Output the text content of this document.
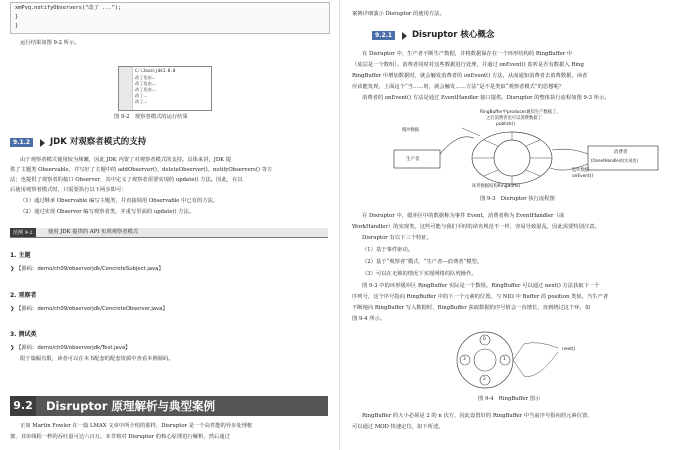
xmPvq.notifyObservers("改了 ...");
}
}
运行结果如图 9-2 所示。
C:\Java\jdk1.8.0
改了发布...
改了发布...
改了发布...
改了...
改了...
图 9-2　观察者模式的运行结果
9.1.2	JDK 对观察者模式的支持
由于观察者模式使用较为频繁，因此 JDK 内置了对观察者模式的支持。具体来讲，JDK 提
供了主题类 Observable，并写好了主题中的 addObserver()、deleteObserver()、notifyObservers() 等方
法；也提供了观察者的接口 Observer，其中定义了观察者需要实现的 update() 方法。因此，在以
后使用观察者模式时，只需要执行以下两步即可：
（1）通过继承 Observable 编写主题类，并直接调用 Observable 中已有的方法。
（2）通过实现 Observer 编写观察者类，并重写里面的 update() 方法。
范例 9-2	使用 JDK 提供的 API 实现观察者模式
1. 主题
❯ 【源码：demo/ch09/observerjdk/ConcreteSubject.java】
2. 观察者
❯ 【源码：demo/ch09/observerjdk/ConcreteObserver.java】
3. 测试类
❯ 【源码：demo/ch09/observerjdk/Test.java】
限于篇幅有限，读者可以在本书配套的配套资源中查看本例源码。
9.2 Disruptor 原理解析与典型案例
正如 Martin Fowler 在一篇 LMAX 文章中所介绍的那样，Disruptor 是一个高性能的异步处理框
架，其单线程一秒的吞吐量可达六百万。本节将对 Disruptor 的核心原理进行解析，然后通过
案例详细演示 Disruptor 的使用方法。
9.2.1	Disruptor 核心概念
在 Disruptor 中，生产者不断生产数据，并将数据保存在一个环形结构的 RingBuffer 中
（底层是一个数组）。消费者同时对这些数据进行处理，并通过 onEvent() 监听是否有数据入 Ring
RingBuffer 中增加数据时，就会触发消费者的 onEvent() 方法，从而通知消费者去消费数据。读者
应该能发现，上面这个“当……时，就会触发……方法”是不是类似“观察者模式”的思想呢？
消费者的 onEvent() 方法是通过 EventHandler 接口提供。Disruptor 的整体执行流程如图 9-3 所示。
RingBuffer中producer通知生产数据了，
之后消费者也可以消费数据了
publish()
缓冲数据
生产者
消费者
(OnevtHandler的实现类)
监听数据
onEvent()
环形数据结构RingBuffer
图 9-3　Disruptor 执行流程图
在 Disruptor 中，缓冲区中的数据称为事件 Event，消费者称为 EventHandler（或
WorkHandler）的实现类。这些可能与我们平时的命名规范不一样，容易导致混乱，因此需要特别注意。
Disruptor 有以下三个特征。
（1）基于事件驱动。
（2）基于“观察者”模式、“生产者—消费者”模型。
（3）可以在无锁的情况下实现网络的队列操作。
图 9-3 中的环形缓冲区 RingBuffer 实际是一个数组。RingBuffer 可以通过 next() 方法获取下一个
序列号，这个序号指向 RingBuffer 中的下一个元素的位置。与 NIO 中 Buffer 的 position 类似，当生产者
不断地向 RingBuffer 写入数据时，RingBuffer 获取数据的序号值会一直增长，直到绕过这个环，如
图 9-4 所示。
0
1
2
3
next()
图 9-4　RingBuffer 图示
RingBuffer 的大小必须是 2 的 n 次方，因此设置好的 RingBuffer 中当前序号指向的元素位置，
可以通过 MOD 快速定位，如下所述。
